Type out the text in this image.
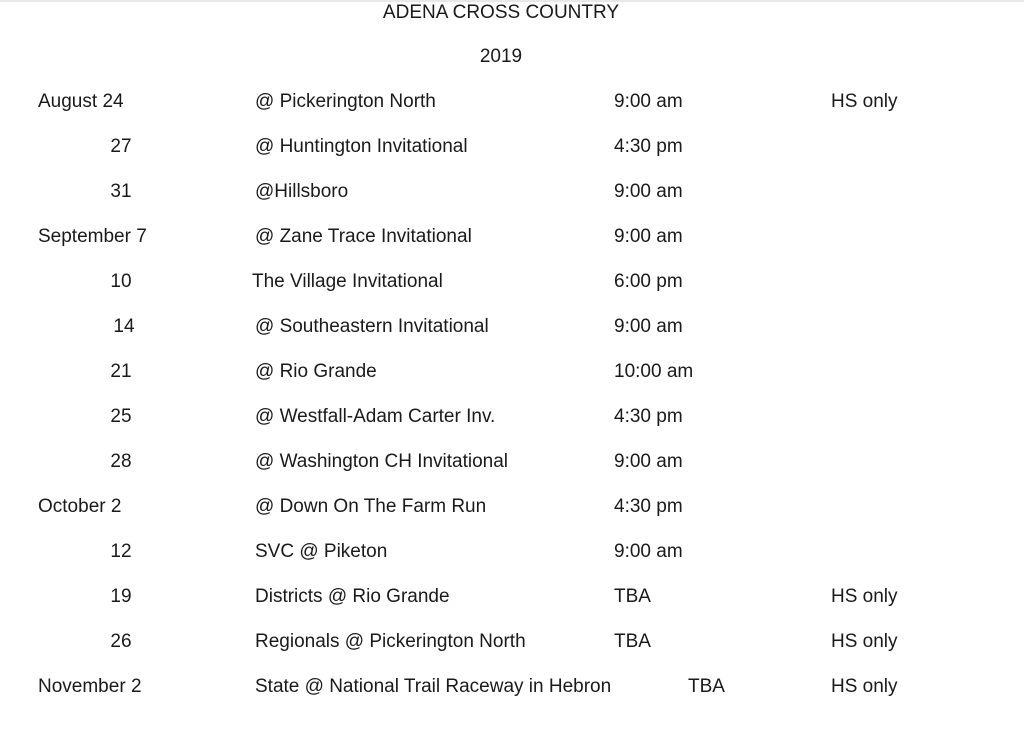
ADENA CROSS COUNTRY
2019
August 24	@ Pickerington North	9:00 am	HS only
27	@ Huntington Invitational	4:30 pm
31	@Hillsboro	9:00 am
September 7	@ Zane Trace Invitational	9:00 am
10	The Village Invitational	6:00 pm
14	@ Southeastern Invitational	9:00 am
21	@ Rio Grande	10:00 am
25	@ Westfall-Adam Carter Inv.	4:30 pm
28	@ Washington CH Invitational	9:00 am
October 2	@ Down On The Farm Run	4:30 pm
12	SVC @ Piketon	9:00 am
19	Districts @ Rio Grande	TBA	HS only
26	Regionals @ Pickerington North	TBA	HS only
November 2	State @ National Trail Raceway in Hebron	TBA	HS only
